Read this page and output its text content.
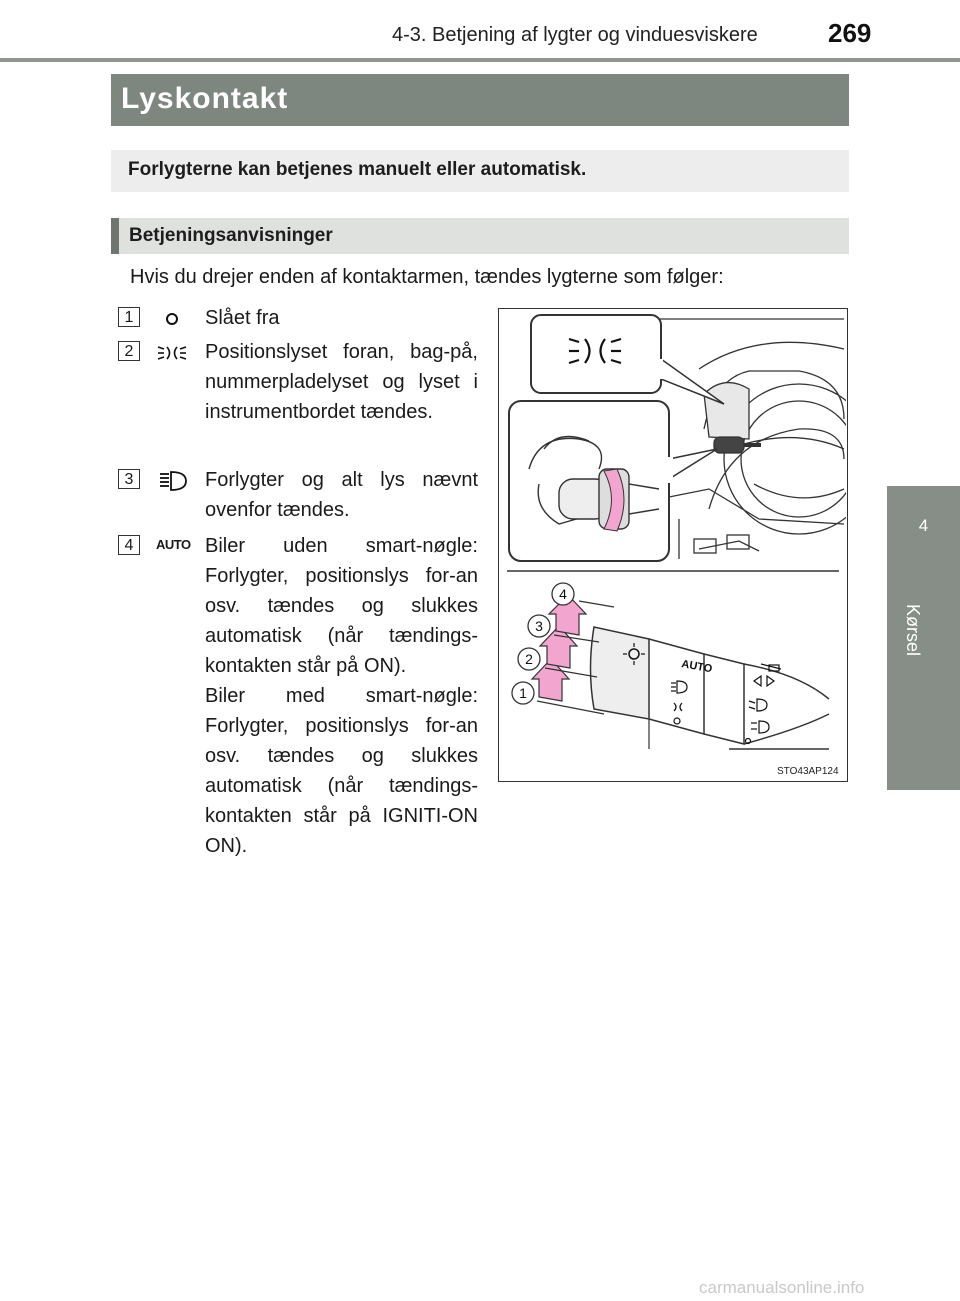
4-3. Betjening af lygter og vinduesviskere	269
4
Kørsel
Lyskontakt
Forlygterne kan betjenes manuelt eller automatisk.
Betjeningsanvisninger
Hvis du drejer enden af kontaktarmen, tændes lygterne som følger:
1	Slået fra
2	Positionslyset foran, bag-på, nummerpladelyset og lyset i instrumentbordet tændes.
3	Forlygter og alt lys nævnt ovenfor tændes.
4	AUTO Biler uden smart-nøgle: Forlygter, positionslys for-an osv. tændes og slukkes automatisk (når tændings-kontakten står på ON).
Biler med smart-nøgle: Forlygter, positionslys for-an osv. tændes og slukkes automatisk (når tændings-kontakten står på IGNITI-ON ON).
AUTO
1
2
3
4
STO43AP124
carmanualsonline.info
